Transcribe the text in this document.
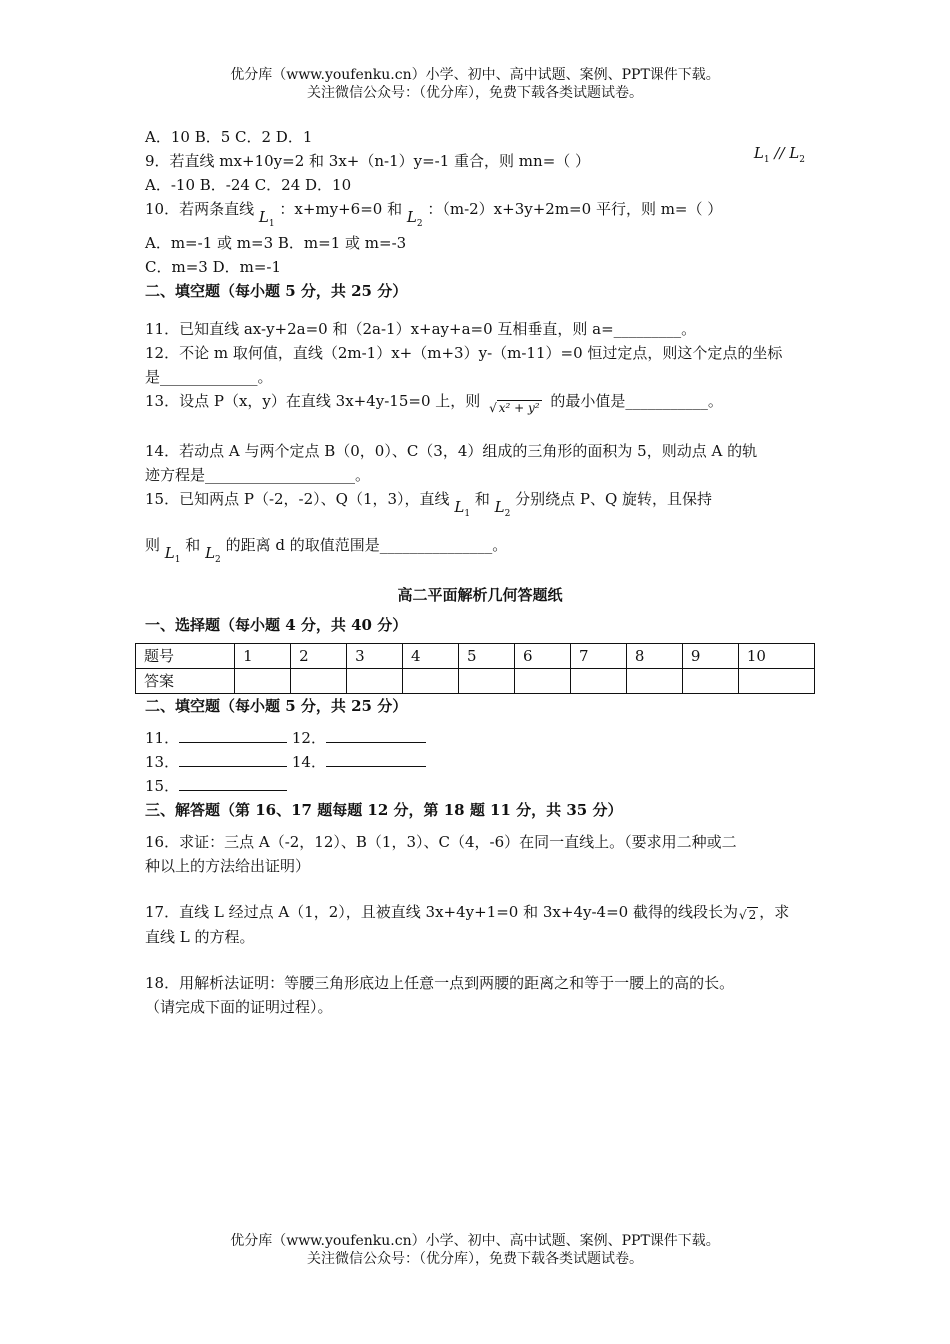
优分库（www.youfenku.cn）小学、初中、高中试题、案例、PPT课件下载。
关注微信公众号：（优分库），免费下载各类试题试卷。
A．10 B．5 C．2 D．1
9．若直线 mx+10y=2 和 3x+（n-1）y=-1 重合，则 mn=（ ）
A．-10 B．-24 C．24 D．10
10．若两条直线 $L_1$ ：x+my+6=0 和 $L_2$ ：（m-2）x+3y+2m=0 平行，则 m=（ ）
A．m=-1 或 m=3 B．m=1 或 m=-3
C．m=3 D．m=-1
二、填空题（每小题 5 分，共 25 分）
11．已知直线 ax-y+2a=0 和（2a-1）x+ay+a=0 互相垂直，则 a=_________。
12．不论 m 取何值，直线（2m-1）x+（m+3）y-（m-11）=0 恒过定点，则这个定点的坐标
是_____________。
13．设点 P（x，y）在直线 3x+4y-15=0 上，则 √ x² + y² 的最小值是___________。
14．若动点 A 与两个定点 B（0，0）、C（3，4）组成的三角形的面积为 5，则动点 A 的轨
迹方程是____________________。
15．已知两点 P（-2，-2）、Q（1，3），直线 $L_1$ 和 $L_2$ 分别绕点 P、Q 旋转，且保持
$L_1 // L_2$
则 $L_1$ 和 $L_2$ 的距离 d 的取值范围是_______________。
高二平面解析几何答题纸
一、选择题（每小题 4 分，共 40 分）
题号	1	2	3	4	5	6	7	8	9	10
答案										
二、填空题（每小题 5 分，共 25 分）
11．	12．
13．	14．
15．
三、解答题（第 16、17 题每题 12 分，第 18 题 11 分，共 35 分）
16．求证：三点 A（-2，12）、B（1，3）、C（4，-6）在同一直线上。（要求用二种或二
种以上的方法给出证明）
17．直线 L 经过点 A（1，2），且被直线 3x+4y+1=0 和 3x+4y-4=0 截得的线段长为√ 2 ，求
直线 L 的方程。
18．用解析法证明：等腰三角形底边上任意一点到两腰的距离之和等于一腰上的高的长。
（请完成下面的证明过程）。
优分库（www.youfenku.cn）小学、初中、高中试题、案例、PPT课件下载。
关注微信公众号：（优分库），免费下载各类试题试卷。
